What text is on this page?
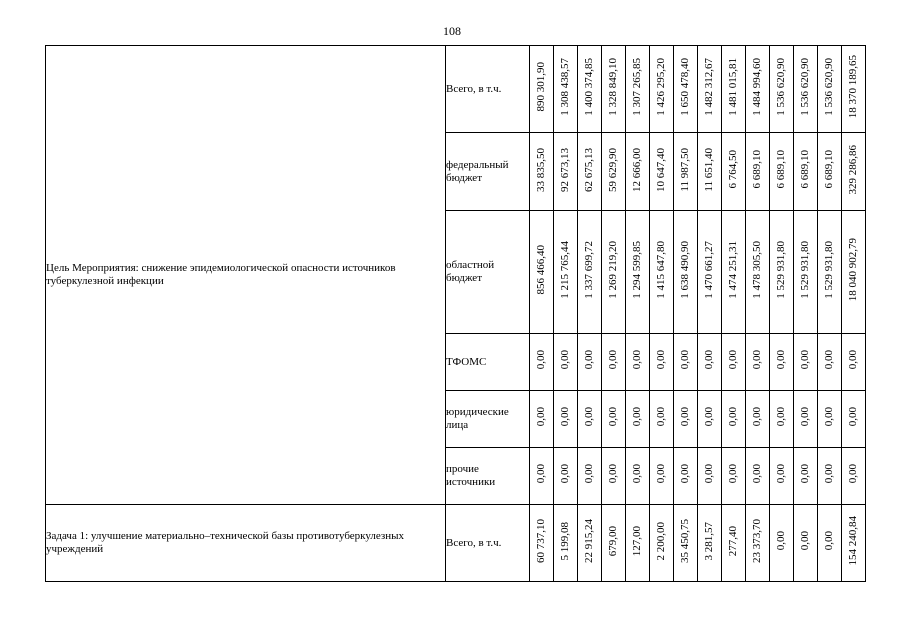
108
Цель Мероприятия: снижение эпидемиологической опасности источников туберкулезной инфекции	Всего, в т.ч.	890 301,90	1 308 438,57	1 400 374,85	1 328 849,10	1 307 265,85	1 426 295,20	1 650 478,40	1 482 312,67	1 481 015,81	1 484 994,60	1 536 620,90	1 536 620,90	1 536 620,90	18 370 189,65
	федеральный бюджет	33 835,50	92 673,13	62 675,13	59 629,90	12 666,00	10 647,40	11 987,50	11 651,40	6 764,50	6 689,10	6 689,10	6 689,10	6 689,10	329 286,86
	областной бюджет	856 466,40	1 215 765,44	1 337 699,72	1 269 219,20	1 294 599,85	1 415 647,80	1 638 490,90	1 470 661,27	1 474 251,31	1 478 305,50	1 529 931,80	1 529 931,80	1 529 931,80	18 040 902,79
	ТФОМС	0,00	0,00	0,00	0,00	0,00	0,00	0,00	0,00	0,00	0,00	0,00	0,00	0,00	0,00
	юридические лица	0,00	0,00	0,00	0,00	0,00	0,00	0,00	0,00	0,00	0,00	0,00	0,00	0,00	0,00
	прочие источники	0,00	0,00	0,00	0,00	0,00	0,00	0,00	0,00	0,00	0,00	0,00	0,00	0,00	0,00
Задача 1: улучшение материально–технической базы противотуберкулезных учреждений	Всего, в т.ч.	60 737,10	5 199,08	22 915,24	679,00	127,00	2 200,00	35 450,75	3 281,57	277,40	23 373,70	0,00	0,00	0,00	154 240,84
